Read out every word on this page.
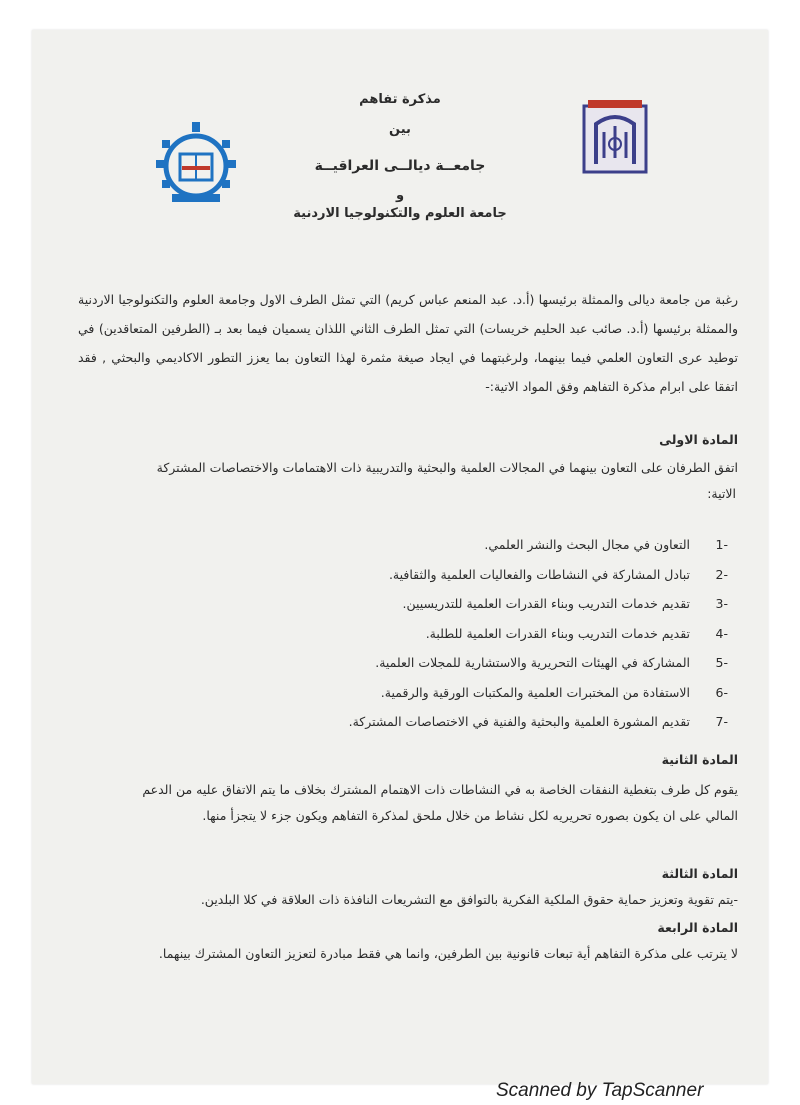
مذكرة تفاهم
بين
جامعــة ديالــى العراقيــة
و
جامعة العلوم والتكنولوجيا الاردنية
رغبة من جامعة ديالى والممثلة برئيسها (أ.د. عبد المنعم عباس كريم) التي تمثل الطرف الاول وجامعة العلوم والتكنولوجيا الاردنية والممثلة برئيسها (أ.د. صائب عبد الحليم خريسات) التي تمثل الطرف الثاني اللذان يسميان فيما بعد بـ (الطرفين المتعاقدين) في توطيد عرى التعاون العلمي فيما بينهما، ولرغبتهما في ايجاد صيغة مثمرة لهذا التعاون بما يعزز التطور الاكاديمي والبحثي , فقد اتفقا على ابرام مذكرة التفاهم وفق المواد الاتية:-
المادة الاولى
اتفق الطرفان على التعاون بينهما في المجالات العلمية والبحثية والتدريبية ذات الاهتمامات والاختصاصات المشتركة
الاتية:
-1 التعاون في مجال البحث والنشر العلمي.
-2 تبادل المشاركة في النشاطات والفعاليات العلمية والثقافية.
-3 تقديم خدمات التدريب وبناء القدرات العلمية للتدريسيين.
-4 تقديم خدمات التدريب وبناء القدرات العلمية للطلبة.
-5 المشاركة في الهيئات التحريرية والاستشارية للمجلات العلمية.
-6 الاستفادة من المختبرات العلمية والمكتبات الورقية والرقمية.
-7 تقديم المشورة العلمية والبحثية والفنية في الاختصاصات المشتركة.
المادة الثانية
يقوم كل طرف بتغطية النفقات الخاصة به في النشاطات ذات الاهتمام المشترك بخلاف ما يتم الاتفاق عليه من الدعم
المالي على ان يكون بصوره تحريريه لكل نشاط من خلال ملحق لمذكرة التفاهم ويكون جزء لا يتجزأ منها.
المادة الثالثة
-يتم تقوية وتعزيز حماية حقوق الملكية الفكرية بالتوافق مع التشريعات النافذة ذات العلاقة في كلا البلدين.
المادة الرابعة
لا يترتب على مذكرة التفاهم أية تبعات قانونية بين الطرفين، وانما هي فقط مبادرة لتعزيز التعاون المشترك بينهما.
Scanned by TapScanner
